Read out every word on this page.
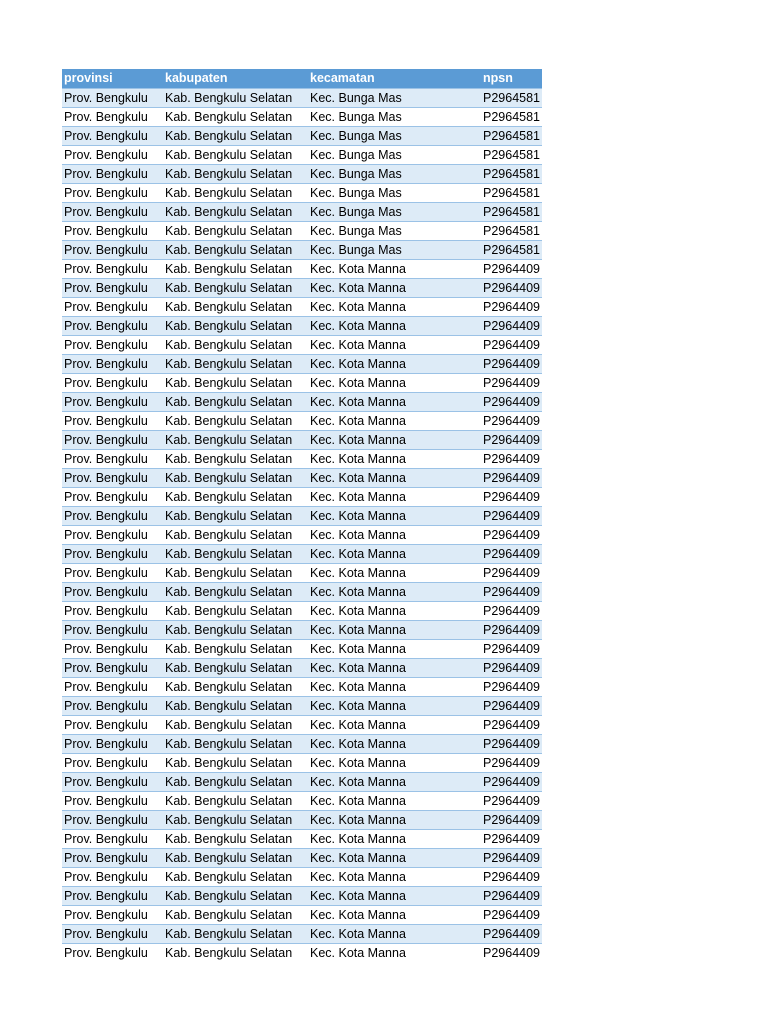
provinsi	kabupaten	kecamatan	npsn
Prov. Bengkulu	Kab. Bengkulu Selatan	Kec. Bunga Mas	P2964581
Prov. Bengkulu	Kab. Bengkulu Selatan	Kec. Bunga Mas	P2964581
Prov. Bengkulu	Kab. Bengkulu Selatan	Kec. Bunga Mas	P2964581
Prov. Bengkulu	Kab. Bengkulu Selatan	Kec. Bunga Mas	P2964581
Prov. Bengkulu	Kab. Bengkulu Selatan	Kec. Bunga Mas	P2964581
Prov. Bengkulu	Kab. Bengkulu Selatan	Kec. Bunga Mas	P2964581
Prov. Bengkulu	Kab. Bengkulu Selatan	Kec. Bunga Mas	P2964581
Prov. Bengkulu	Kab. Bengkulu Selatan	Kec. Bunga Mas	P2964581
Prov. Bengkulu	Kab. Bengkulu Selatan	Kec. Bunga Mas	P2964581
Prov. Bengkulu	Kab. Bengkulu Selatan	Kec. Kota Manna	P2964409
Prov. Bengkulu	Kab. Bengkulu Selatan	Kec. Kota Manna	P2964409
Prov. Bengkulu	Kab. Bengkulu Selatan	Kec. Kota Manna	P2964409
Prov. Bengkulu	Kab. Bengkulu Selatan	Kec. Kota Manna	P2964409
Prov. Bengkulu	Kab. Bengkulu Selatan	Kec. Kota Manna	P2964409
Prov. Bengkulu	Kab. Bengkulu Selatan	Kec. Kota Manna	P2964409
Prov. Bengkulu	Kab. Bengkulu Selatan	Kec. Kota Manna	P2964409
Prov. Bengkulu	Kab. Bengkulu Selatan	Kec. Kota Manna	P2964409
Prov. Bengkulu	Kab. Bengkulu Selatan	Kec. Kota Manna	P2964409
Prov. Bengkulu	Kab. Bengkulu Selatan	Kec. Kota Manna	P2964409
Prov. Bengkulu	Kab. Bengkulu Selatan	Kec. Kota Manna	P2964409
Prov. Bengkulu	Kab. Bengkulu Selatan	Kec. Kota Manna	P2964409
Prov. Bengkulu	Kab. Bengkulu Selatan	Kec. Kota Manna	P2964409
Prov. Bengkulu	Kab. Bengkulu Selatan	Kec. Kota Manna	P2964409
Prov. Bengkulu	Kab. Bengkulu Selatan	Kec. Kota Manna	P2964409
Prov. Bengkulu	Kab. Bengkulu Selatan	Kec. Kota Manna	P2964409
Prov. Bengkulu	Kab. Bengkulu Selatan	Kec. Kota Manna	P2964409
Prov. Bengkulu	Kab. Bengkulu Selatan	Kec. Kota Manna	P2964409
Prov. Bengkulu	Kab. Bengkulu Selatan	Kec. Kota Manna	P2964409
Prov. Bengkulu	Kab. Bengkulu Selatan	Kec. Kota Manna	P2964409
Prov. Bengkulu	Kab. Bengkulu Selatan	Kec. Kota Manna	P2964409
Prov. Bengkulu	Kab. Bengkulu Selatan	Kec. Kota Manna	P2964409
Prov. Bengkulu	Kab. Bengkulu Selatan	Kec. Kota Manna	P2964409
Prov. Bengkulu	Kab. Bengkulu Selatan	Kec. Kota Manna	P2964409
Prov. Bengkulu	Kab. Bengkulu Selatan	Kec. Kota Manna	P2964409
Prov. Bengkulu	Kab. Bengkulu Selatan	Kec. Kota Manna	P2964409
Prov. Bengkulu	Kab. Bengkulu Selatan	Kec. Kota Manna	P2964409
Prov. Bengkulu	Kab. Bengkulu Selatan	Kec. Kota Manna	P2964409
Prov. Bengkulu	Kab. Bengkulu Selatan	Kec. Kota Manna	P2964409
Prov. Bengkulu	Kab. Bengkulu Selatan	Kec. Kota Manna	P2964409
Prov. Bengkulu	Kab. Bengkulu Selatan	Kec. Kota Manna	P2964409
Prov. Bengkulu	Kab. Bengkulu Selatan	Kec. Kota Manna	P2964409
Prov. Bengkulu	Kab. Bengkulu Selatan	Kec. Kota Manna	P2964409
Prov. Bengkulu	Kab. Bengkulu Selatan	Kec. Kota Manna	P2964409
Prov. Bengkulu	Kab. Bengkulu Selatan	Kec. Kota Manna	P2964409
Prov. Bengkulu	Kab. Bengkulu Selatan	Kec. Kota Manna	P2964409
Prov. Bengkulu	Kab. Bengkulu Selatan	Kec. Kota Manna	P2964409
